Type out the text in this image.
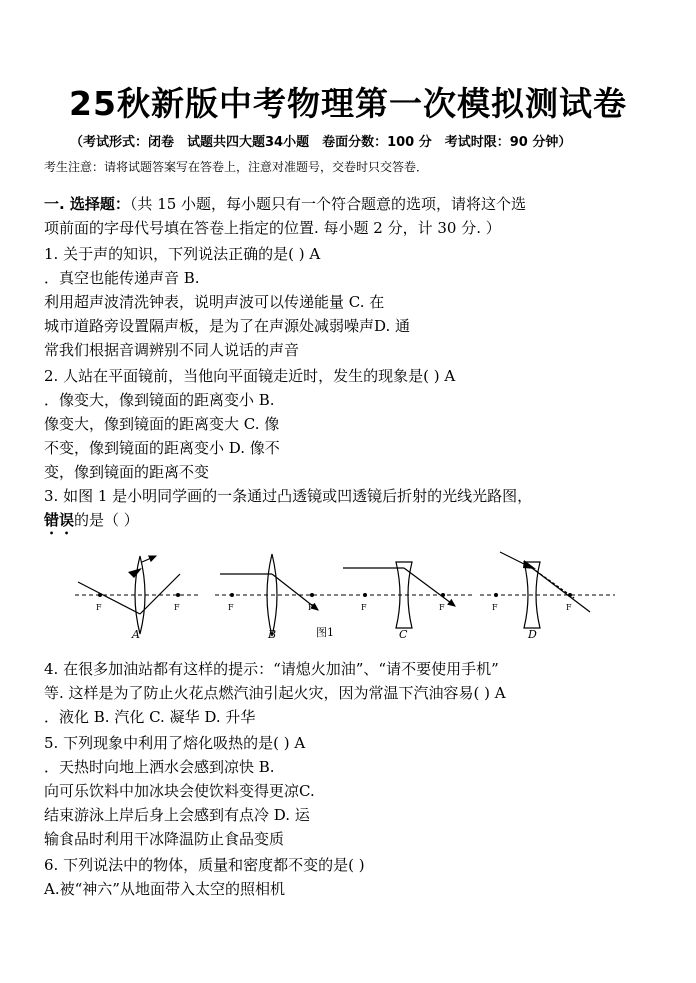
25秋新版中考物理第一次模拟测试卷
（考试形式：闭卷　试题共四大题34小题　卷面分数：100 分　考试时限：90 分钟）
考生注意：请将试题答案写在答卷上，注意对准题号，交卷时只交答卷．
一. 选择题：（共 15 小题，每小题只有一个符合题意的选项，请将这个选
项前面的字母代号填在答卷上指定的位置. 每小题 2 分，计 30 分. ）
1. 关于声的知识，下列说法正确的是( ) A
．真空也能传递声音 B.
利用超声波清洗钟表，说明声波可以传递能量 C. 在
城市道路旁设置隔声板，是为了在声源处减弱噪声D. 通
常我们根据音调辨别不同人说话的声音
2. 人站在平面镜前，当他向平面镜走近时，发生的现象是( ) A
．像变大，像到镜面的距离变小 B.
像变大，像到镜面的距离变大 C. 像
不变，像到镜面的距离变小 D. 像不
变，像到镜面的距离不变
3. 如图 1 是小明同学画的一条通过凸透镜或凹透镜后折射的光线光路图，
错误的是（ ）
F	F
A
F	F
B
F	F
C
图1
F	F
D
4. 在很多加油站都有这样的提示：“请熄火加油”、“请不要使用手机”
等. 这样是为了防止火花点燃汽油引起火灾，因为常温下汽油容易( ) A
．液化 B. 汽化 C. 凝华 D. 升华
5. 下列现象中利用了熔化吸热的是( ) A
．天热时向地上洒水会感到凉快 B.
向可乐饮料中加冰块会使饮料变得更凉C.
结束游泳上岸后身上会感到有点冷 D. 运
输食品时利用干冰降温防止食品变质
6. 下列说法中的物体，质量和密度都不变的是( )
A.被“神六”从地面带入太空的照相机
